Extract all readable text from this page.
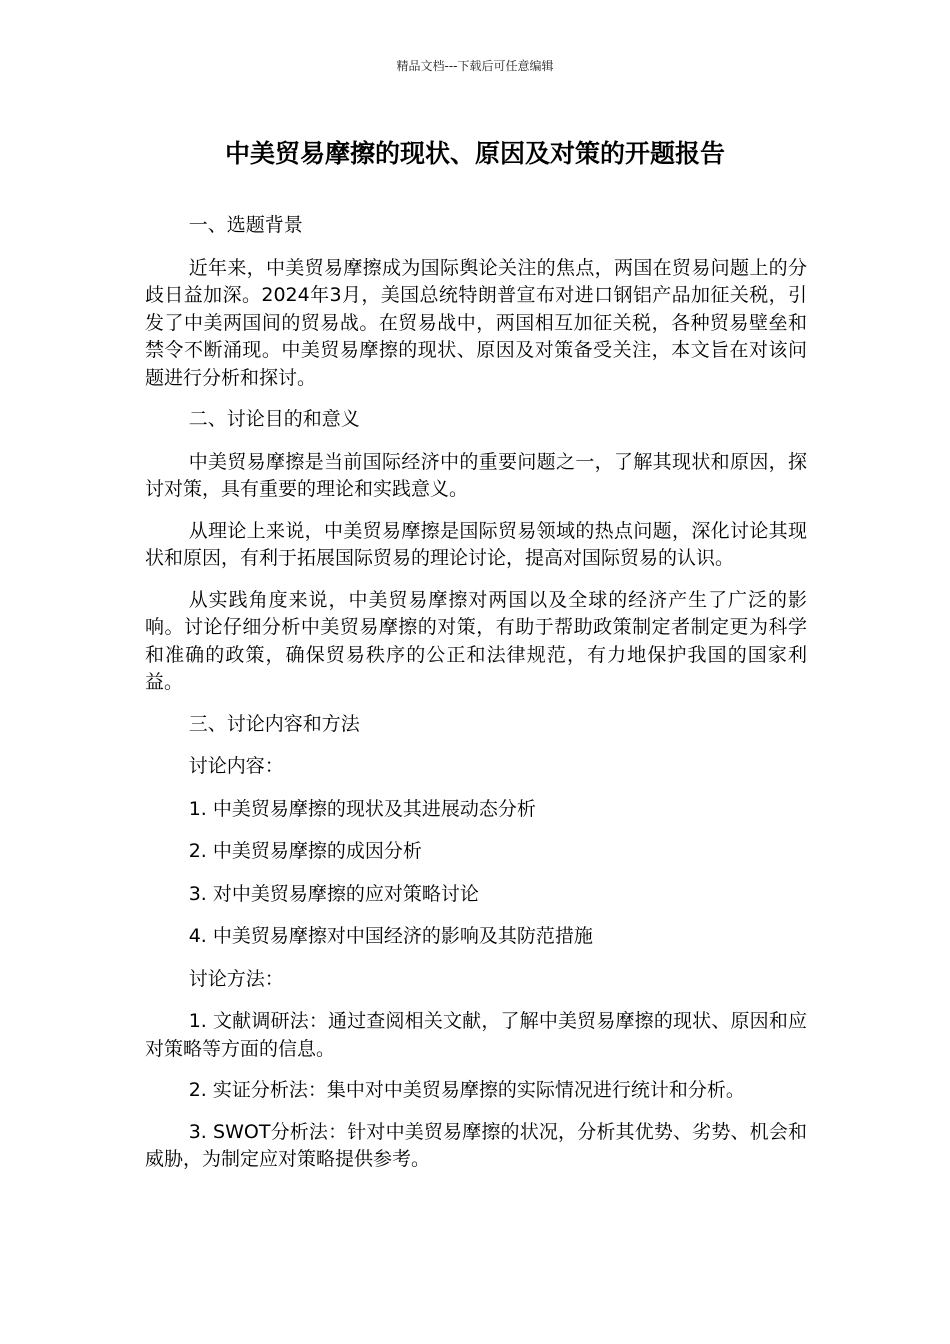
精品文档---下载后可任意编辑
中美贸易摩擦的现状、原因及对策的开题报告

一、选题背景

近年来，中美贸易摩擦成为国际舆论关注的焦点，两国在贸易问题上的分歧日益加深。2024年3月，美国总统特朗普宣布对进口钢铝产品加征关税，引发了中美两国间的贸易战。在贸易战中，两国相互加征关税，各种贸易壁垒和禁令不断涌现。中美贸易摩擦的现状、原因及对策备受关注，本文旨在对该问题进行分析和探讨。

二、讨论目的和意义

中美贸易摩擦是当前国际经济中的重要问题之一，了解其现状和原因，探讨对策，具有重要的理论和实践意义。

从理论上来说，中美贸易摩擦是国际贸易领域的热点问题，深化讨论其现状和原因，有利于拓展国际贸易的理论讨论，提高对国际贸易的认识。

从实践角度来说，中美贸易摩擦对两国以及全球的经济产生了广泛的影响。讨论仔细分析中美贸易摩擦的对策，有助于帮助政策制定者制定更为科学和准确的政策，确保贸易秩序的公正和法律规范，有力地保护我国的国家利益。

三、讨论内容和方法

讨论内容：

1. 中美贸易摩擦的现状及其进展动态分析

2. 中美贸易摩擦的成因分析

3. 对中美贸易摩擦的应对策略讨论

4. 中美贸易摩擦对中国经济的影响及其防范措施

讨论方法：

1. 文献调研法：通过查阅相关文献，了解中美贸易摩擦的现状、原因和应对策略等方面的信息。

2. 实证分析法：集中对中美贸易摩擦的实际情况进行统计和分析。

3. SWOT分析法：针对中美贸易摩擦的状况，分析其优势、劣势、机会和威胁，为制定应对策略提供参考。
